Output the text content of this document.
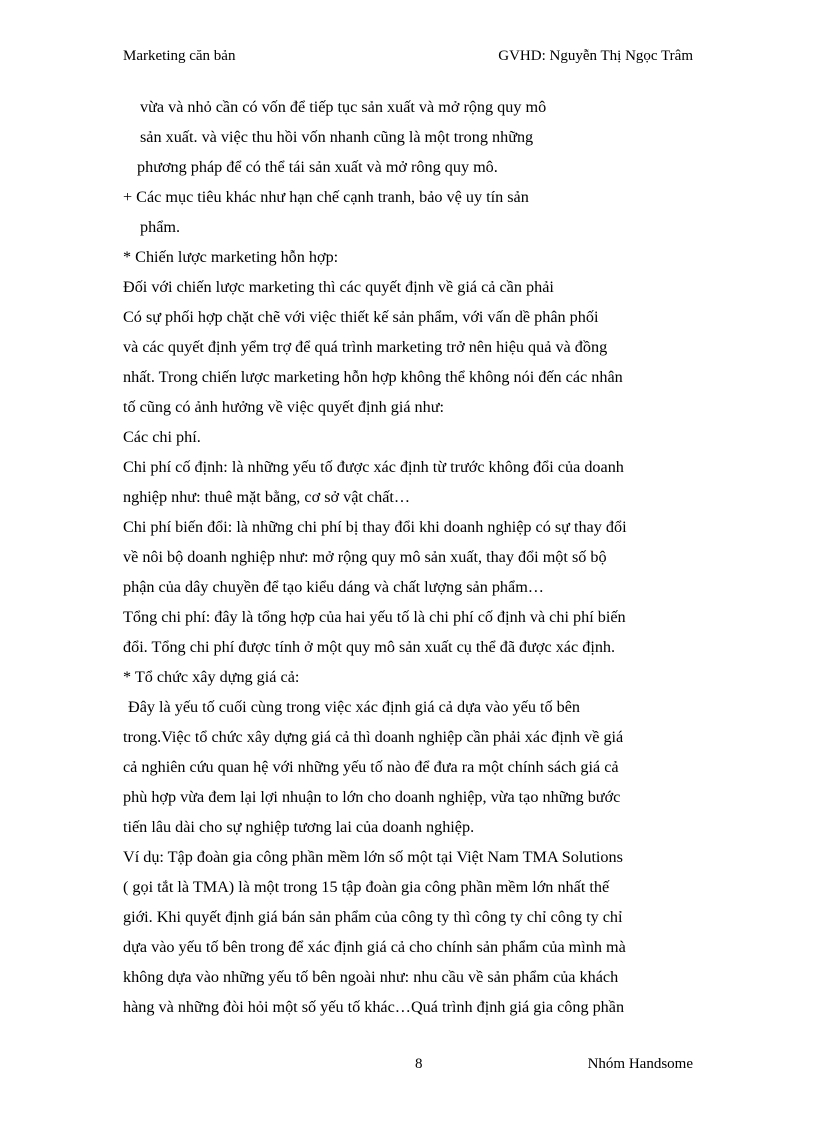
Marketing căn bản	GVHD: Nguyễn Thị Ngọc Trâm
vừa và nhỏ cần có vốn để tiếp tục sản xuất và mở rộng quy mô
sản xuất. và việc thu hồi vốn nhanh cũng là một trong những
phương pháp để có thể tái sản xuất và mở rông quy mô.
+ Các mục tiêu khác như hạn chế cạnh tranh, bảo vệ uy tín sản
phẩm.
* Chiến lược marketing hỗn hợp:
Đối với chiến lược marketing thì các quyết định về giá cả cần phải
Có sự phối hợp chặt chẽ với việc thiết kế sản phẩm, với vấn dề phân phối
và các quyết định yểm trợ để quá trình marketing trở nên hiệu quả và đồng
nhất. Trong chiến lược marketing hỗn hợp không thể không nói đến các nhân
tố cũng có ảnh hưởng về việc quyết định giá như:
Các chi phí.
Chi phí cố định: là những yếu tố được xác định từ trước không đổi của doanh
nghiệp như: thuê mặt bằng, cơ sở vật chất…
Chi phí biến đổi: là những chi phí bị thay đổi khi doanh nghiệp có sự thay đổi
về nôi bộ doanh nghiệp như: mở rộng quy mô sản xuất, thay đổi một số bộ
phận của dây chuyền để tạo kiểu dáng và chất lượng sản phẩm…
Tổng chi phí: đây là tổng hợp của hai yếu tố là chi phí cố định và chi phí biến
đổi. Tổng chi phí được tính ở một quy mô sản xuất cụ thể đã được xác định.
* Tổ chức xây dựng giá cả:
Đây là yếu tố cuối cùng trong việc xác định giá cả dựa vào yếu tố bên
trong.Việc tổ chức xây dựng giá cả thì doanh nghiệp cần phải xác định về giá
cả nghiên cứu quan hệ với những yếu tố nào để đưa ra một chính sách giá cả
phù hợp vừa đem lại lợi nhuận to lớn cho doanh nghiệp, vừa tạo những bước
tiến lâu dài cho sự nghiệp tương lai của doanh nghiệp.
Ví dụ: Tập đoàn gia công phần mềm lớn số một tại Việt Nam TMA Solutions
( gọi tắt là TMA) là một trong 15 tập đoàn gia công phần mềm lớn nhất thế
giới. Khi quyết định giá bán sản phẩm của công ty thì công ty chỉ công ty chỉ
dựa vào yếu tố bên trong để xác định giá cả cho chính sản phẩm của mình mà
không dựa vào những yếu tố bên ngoài như: nhu cầu về sản phẩm của khách
hàng và những đòi hỏi một số yếu tố khác…Quá trình định giá gia công phần
8	Nhóm Handsome
